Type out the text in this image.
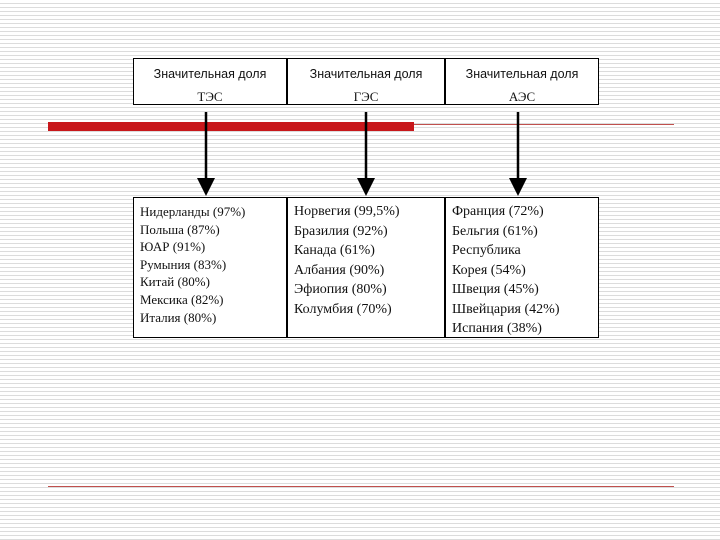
Значительная доля
ТЭС
Значительная доля
ГЭС
Значительная доля
АЭС
Нидерланды (97%)
Польша (87%)
ЮАР (91%)
Румыния (83%)
Китай (80%)
Мексика (82%)
Италия (80%)
Норвегия (99,5%)
Бразилия (92%)
Канада (61%)
Албания (90%)
Эфиопия (80%)
Колумбия (70%)
Франция (72%)
Бельгия (61%)
Республика
Корея (54%)
Швеция (45%)
Швейцария (42%)
Испания (38%)
